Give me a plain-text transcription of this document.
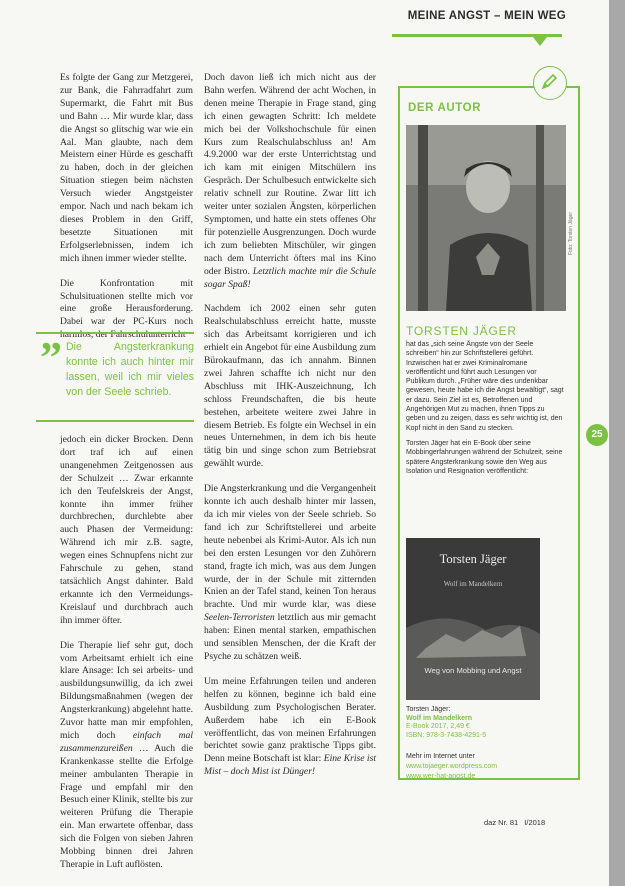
MEINE ANGST – MEIN WEG

Es folgte der Gang zur Metzgerei, zur Bank, die Fahrradfahrt zum Supermarkt, die Fahrt mit Bus und Bahn … Mir wurde klar, dass die Angst so glitschig war wie ein Aal. Man glaubte, nach dem Meistern einer Hürde es geschafft zu haben, doch in der gleichen Situation stiegen beim nächsten Versuch wieder Angstgeister empor. Nach und nach bekam ich dieses Problem in den Griff, besetzte Situationen mit Erfolgserlebnissen, indem ich mich ihnen immer wieder stellte.

Die Konfrontation mit Schulsituationen stellte mich vor eine große Herausforderung. Dabei war der PC-Kurs noch harmlos, der Fahrschulunterricht

” Die Angsterkrankung konnte ich auch hinter mir lassen, weil ich mir vieles von der Seele schrieb.

jedoch ein dicker Brocken. Denn dort traf ich auf einen unangenehmen Zeitgenossen aus der Schulzeit … Zwar erkannte ich den Teufelskreis der Angst, konnte ihn immer früher durchbrechen, durchlebte aber auch Phasen der Vermeidung: Während ich mir z.B. sagte, wegen eines Schnupfens nicht zur Fahrschule zu gehen, stand tatsächlich Angst dahinter. Bald erkannte ich den Vermeidungs-Kreislauf und durchbrach auch ihn immer öfter.

Die Therapie lief sehr gut, doch vom Arbeitsamt erhielt ich eine klare Ansage: Ich sei arbeits- und ausbildungsunwillig, da ich zwei Bildungsmaßnahmen (wegen der Angsterkrankung) abgelehnt hatte. Zuvor hatte man mir empfohlen, mich doch einfach mal zusammenzureißen … Auch die Krankenkasse stellte die Erfolge meiner ambulanten Therapie in Frage und empfahl mir den Besuch einer Klinik, stellte bis zur weiteren Prüfung die Therapie ein. Man erwartete offenbar, dass sich die Folgen von sieben Jahren Mobbing binnen drei Jahren Therapie in Luft auflösten.

Doch davon ließ ich mich nicht aus der Bahn werfen. Während der acht Wochen, in denen meine Therapie in Frage stand, ging ich einen gewagten Schritt: Ich meldete mich bei der Volkshochschule für einen Kurs zum Realschulabschluss an! Am 4.9.2000 war der erste Unterrichtstag und ich kam mit einigen Mitschülern ins Gespräch. Der Schulbesuch entwickelte sich relativ schnell zur Routine. Zwar litt ich weiter unter sozialen Ängsten, körperlichen Symptomen, und hatte ein stets offenes Ohr für potenzielle Ausgrenzungen. Doch wurde ich zum beliebten Mitschüler, wir gingen nach dem Unterricht öfters mal ins Kino oder Bistro. Letztlich machte mir die Schule sogar Spaß!

Nachdem ich 2002 einen sehr guten Realschulabschluss erreicht hatte, musste sich das Arbeitsamt korrigieren und ich erhielt ein Angebot für eine Ausbildung zum Bürokaufmann, das ich annahm. Binnen zwei Jahren schaffte ich nicht nur den Abschluss mit IHK-Auszeichnung, Ich schloss Freundschaften, die bis heute bestehen, arbeitete weitere zwei Jahre in diesem Betrieb. Es folgte ein Wechsel in ein neues Unternehmen, in dem ich bis heute tätig bin und singe schon zum Betriebsrat gewählt wurde.

Die Angsterkrankung und die Vergangenheit konnte ich auch deshalb hinter mir lassen, da ich mir vieles von der Seele schrieb. So fand ich zur Schriftstellerei und arbeite heute nebenbei als Krimi-Autor. Als ich nun bei den ersten Lesungen vor den Zuhörern stand, fragte ich mich, was aus dem Jungen wurde, der in der Schule mit zitternden Knien an der Tafel stand, keinen Ton heraus brachte. Und mir wurde klar, was diese Seelen-Terroristen letztlich aus mir gemacht haben: Einen mental starken, empathischen und sensiblen Menschen, der die Kraft der Psyche zu schätzen weiß.

Um meine Erfahrungen teilen und anderen helfen zu können, beginne ich bald eine Ausbildung zum Psychologischen Berater. Außerdem habe ich ein E-Book veröffentlicht, das von meinen Erfahrungen berichtet sowie ganz praktische Tipps gibt. Denn meine Botschaft ist klar: Eine Krise ist Mist – doch Mist ist Dünger!

DER AUTOR
Foto: Torsten Jäger
TORSTEN JÄGER

hat das „sich seine Ängste von der Seele schreiben“ hin zur Schriftstellerei geführt. Inzwischen hat er zwei Kriminalromane veröffentlicht und führt auch Lesungen vor Publikum durch. „Früher wäre dies undenkbar gewesen, heute habe ich die Angst bewältigt“, sagt er dazu. Sein Ziel ist es, Betroffenen und Angehörigen Mut zu machen, ihnen Tipps zu geben und zu zeigen, dass es sehr wichtig ist, den Kopf nicht in den Sand zu stecken.

Torsten Jäger hat ein E-Book über seine Mobbingerfahrungen während der Schulzeit, seine spätere Angsterkrankung sowie den Weg aus Isolation und Resignation veröffentlicht:

Torsten Jäger
Wolf im Mandelkern
Weg von Mobbing und Angst
Torsten Jäger:
Wolf im Mandelkern
E-Book 2017, 2,49 €
ISBN: 978-3-7438-4291-5
Mehr im Internet unter
www.tojaeger.wordpress.com
www.wer-hat-angst.de
25
daz Nr. 81 I/2018
